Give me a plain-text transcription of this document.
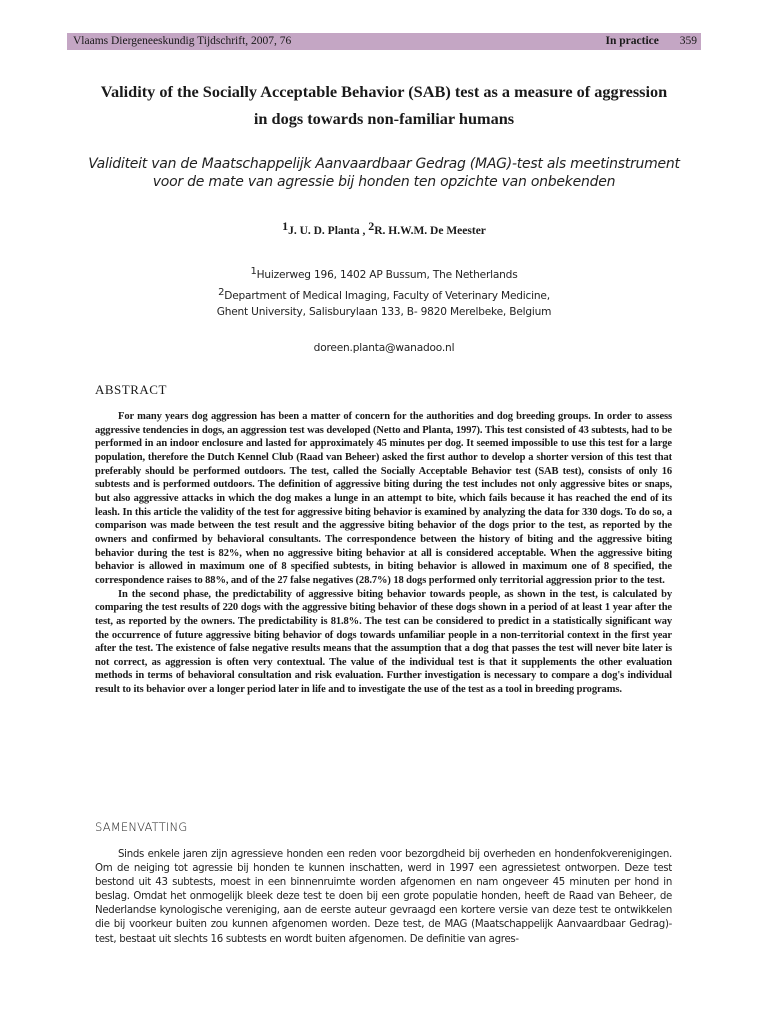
Vlaams Diergeneeskundig Tijdschrift, 2007, 76	In practice 359
Validity of the Socially Acceptable Behavior (SAB) test as a measure of aggression
in dogs towards non-familiar humans
Validiteit van de Maatschappelijk Aanvaardbaar Gedrag (MAG)-test als meetinstrument
voor de mate van agressie bij honden ten opzichte van onbekenden
$^1$J. U. D. Planta , $^2$R. H.W.M. De Meester
$^1$Huizerweg 196, 1402 AP Bussum, The Netherlands
$^2$Department of Medical Imaging, Faculty of Veterinary Medicine,
Ghent University, Salisburylaan 133, B- 9820 Merelbeke, Belgium
doreen.planta@wanadoo.nl
ABSTRACT

For many years dog aggression has been a matter of concern for the authorities and dog breeding groups. In order to assess aggressive tendencies in dogs, an aggression test was developed (Netto and Planta, 1997). This test consisted of 43 subtests, had to be performed in an indoor enclosure and lasted for approximately 45 minutes per dog. It seemed impossible to use this test for a large population, therefore the Dutch Kennel Club (Raad van Beheer) asked the first author to develop a shorter version of this test that preferably should be performed outdoors. The test, called the Socially Acceptable Behavior test (SAB test), consists of only 16 subtests and is performed outdoors. The definition of aggressive biting during the test includes not only aggressive bites or snaps, but also aggressive attacks in which the dog makes a lunge in an attempt to bite, which fails because it has reached the end of its leash. In this article the validity of the test for aggressive biting behavior is examined by analyzing the data for 330 dogs. To do so, a comparison was made between the test result and the aggressive biting behavior of the dogs prior to the test, as reported by the owners and confirmed by behavioral consultants. The correspondence between the history of biting and the aggressive biting behavior during the test is 82%, when no aggressive biting behavior at all is considered acceptable. When the aggressive biting behavior is allowed in maximum one of 8 specified subtests, in biting behavior is allowed in maximum one of 8 specified, the correspondence raises to 88%, and of the 27 false negatives (28.7%) 18 dogs performed only territorial aggression prior to the test.

In the second phase, the predictability of aggressive biting behavior towards people, as shown in the test, is calculated by comparing the test results of 220 dogs with the aggressive biting behavior of these dogs shown in a period of at least 1 year after the test, as reported by the owners. The predictability is 81.8%. The test can be considered to predict in a statistically significant way the occurrence of future aggressive biting behavior of dogs towards unfamiliar people in a non-territorial context in the first year after the test. The existence of false negative results means that the assumption that a dog that passes the test will never bite later is not correct, as aggression is often very contextual. The value of the individual test is that it supplements the other evaluation methods in terms of behavioral consultation and risk evaluation. Further investigation is necessary to compare a dog's individual result to its behavior over a longer period later in life and to investigate the use of the test as a tool in breeding programs.

SAMENVATTING

Sinds enkele jaren zijn agressieve honden een reden voor bezorgdheid bij overheden en hondenfokverenigingen. Om de neiging tot agressie bij honden te kunnen inschatten, werd in 1997 een agressietest ontworpen. Deze test bestond uit 43 subtests, moest in een binnenruimte worden afgenomen en nam ongeveer 45 minuten per hond in beslag. Omdat het onmogelijk bleek deze test te doen bij een grote populatie honden, heeft de Raad van Beheer, de Nederlandse kynologische vereniging, aan de eerste auteur gevraagd een kortere versie van deze test te ontwikkelen die bij voorkeur buiten zou kunnen afgenomen worden. Deze test, de MAG (Maatschappelijk Aanvaardbaar Gedrag)-test, bestaat uit slechts 16 subtests en wordt buiten afgenomen. De definitie van agres-
